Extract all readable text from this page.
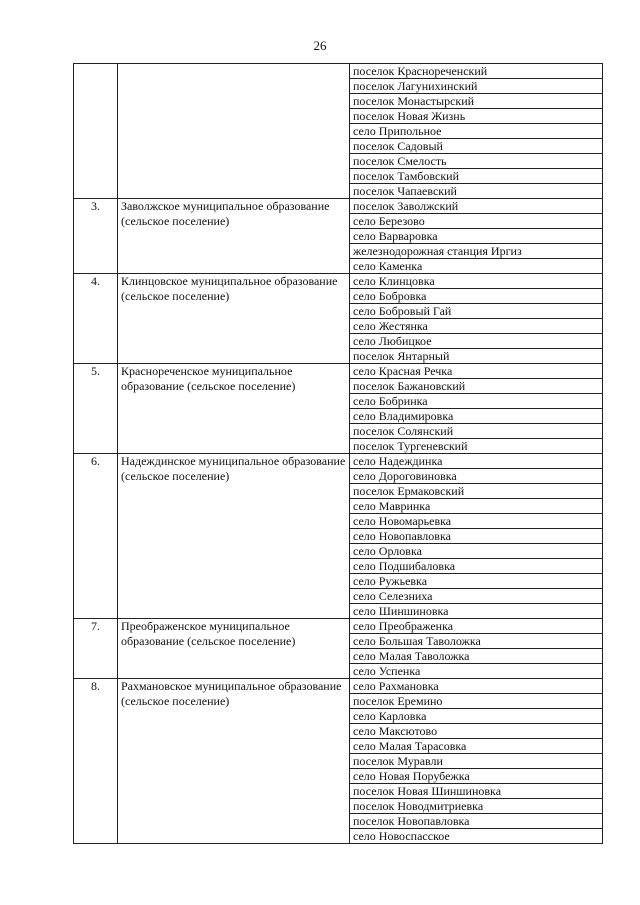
26
		поселок Краснореченский
		поселок Лагунихинский
		поселок Монастырский
		поселок Новая Жизнь
		село Припольное
		поселок Садовый
		поселок Смелость
		поселок Тамбовский
		поселок Чапаевский
3.	Заволжское муниципальное образование (сельское поселение)	поселок Заволжский
		село Березово
		село Варваровка
		железнодорожная станция Иргиз
		село Каменка
4.	Клинцовское муниципальное образование (сельское поселение)	село Клинцовка
		село Бобровка
		село Бобровый Гай
		село Жестянка
		село Любицкое
		поселок Янтарный
5.	Краснореченское муниципальное образование (сельское поселение)	село Красная Речка
		поселок Бажановский
		село Бобринка
		село Владимировка
		поселок Солянский
		поселок Тургеневский
6.	Надеждинское муниципальное образование (сельское поселение)	село Надеждинка
		село Дороговиновка
		поселок Ермаковский
		село Мавринка
		село Новомарьевка
		село Новопавловка
		село Орловка
		село Подшибаловка
		село Ружьевка
		село Селезниха
		село Шиншиновка
7.	Преображенское муниципальное образование (сельское поселение)	село Преображенка
		село Большая Таволожка
		село Малая Таволожка
		село Успенка
8.	Рахмановское муниципальное образование (сельское поселение)	село Рахмановка
		поселок Еремино
		село Карловка
		село Максютово
		село Малая Тарасовка
		поселок Муравли
		село Новая Порубежка
		поселок Новая Шиншиновка
		поселок Новодмитриевка
		поселок Новопавловка
		село Новоспасское
